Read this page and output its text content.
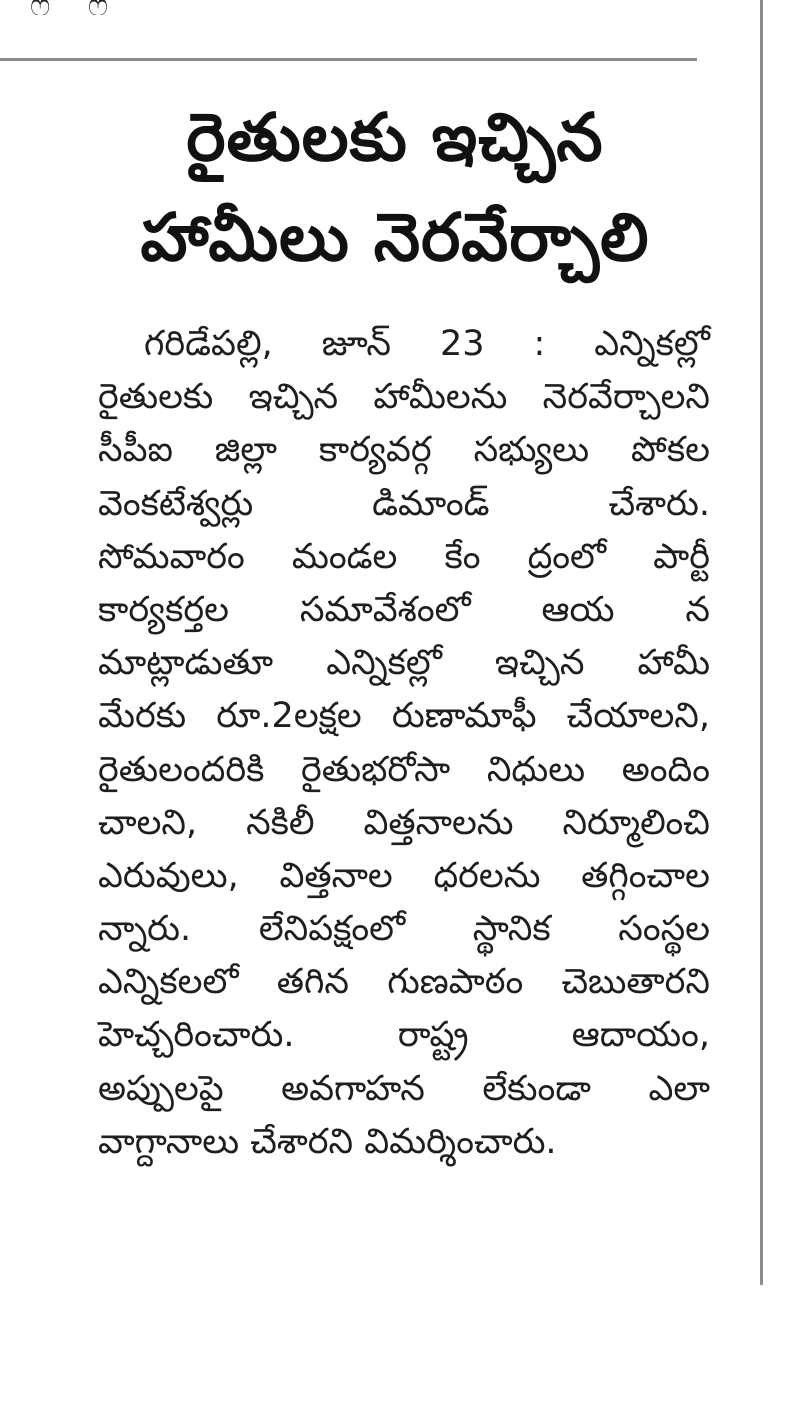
ෆ ෆ
రైతులకు ఇచ్చిన
హామీలు నెరవేర్చాలి
గరిడేపల్లి, జూన్ 23 : ఎన్నికల్లో
రైతులకు ఇచ్చిన హామీలను నెరవేర్చాలని
సీపీఐ జిల్లా కార్యవర్గ సభ్యులు పోకల
వెంకటేశ్వర్లు	డిమాండ్	చేశారు.
సోమవారం మండల కేం ద్రంలో పార్టీ
కార్యకర్తల సమావేశంలో ఆయ న
మాట్లాడుతూ ఎన్నికల్లో ఇచ్చిన హామీ
మేరకు రూ.2లక్షల రుణామాఫీ చేయాలని,
రైతులందరికి రైతుభరోసా నిధులు అందిం
చాలని, నకిలీ విత్తనాలను నిర్మూలించి
ఎరువులు, విత్తనాల ధరలను తగ్గించాల
న్నారు. లేనిపక్షంలో స్థానిక సంస్థల
ఎన్నికలలో తగిన గుణపాఠం చెబుతారని
హెచ్చరించారు.	రాష్ట్ర	ఆదాయం,
అప్పులపై అవగాహన లేకుండా ఎలా
వాగ్దానాలు
చేశారని
విమర్శించారు.
